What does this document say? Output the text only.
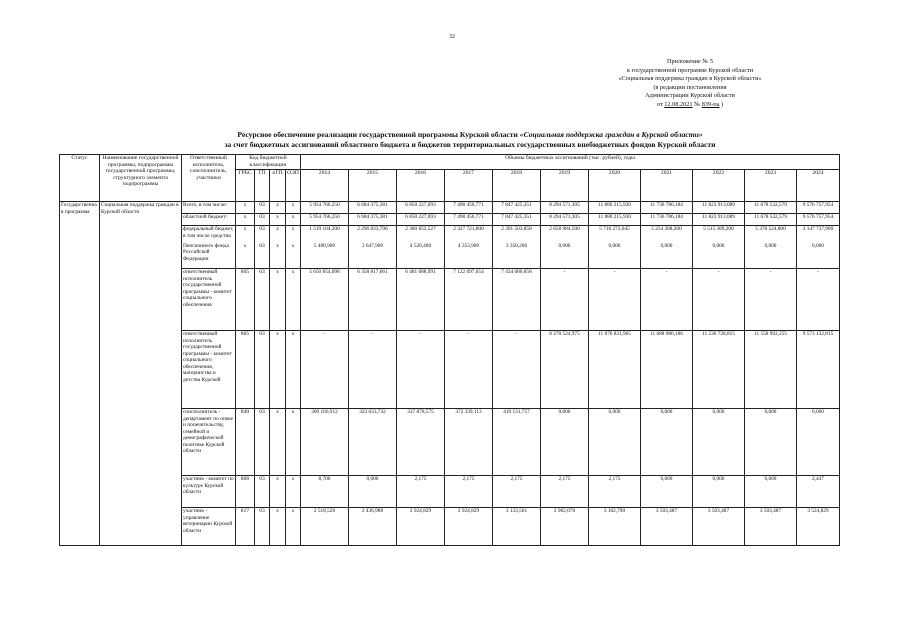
32
Приложение № 5
к государственной программе Курской области
«Социальная поддержка граждан в Курской области»
(в редакции постановления
Администрации Курской области
от 12.08.2021 № 839-па )
Ресурсное обеспечение реализации государственной программы Курской области «Социальная поддержка граждан в Курской области»
за счет бюджетных ассигнований областного бюджета и бюджетов территориальных государственных внебюджетных фондов Курской области
Статус	Наименование государственной программы, подпрограммы государственной программы, структурного элемента подпрограммы	Ответственный исполнитель, соисполнитель, участники	Код бюджетной классификации				Объемы бюджетных ассигнований (тыс. рублей), годы										
			ГРБС	ГП	пГП	ОЭП	2014	2015	2016	2017	2018	2019	2020	2021	2022	2023	2024
Государственная программа	Социальная поддержка граждан в Курской области	Всего, в том числе:	x	03	x	x	5 954 766,250	6 684 375,381	6 850 227,093	7 498 450,771	7 847 425,351	8 294 571,305	11 880 215,930	11 736 786,184	11 823 913,089	11 678 532,579	9 576 757,954
		областной бюджет/	x	03	x	x	5 954 766,250	6 684 375,381	6 850 227,093	7 498 450,771	7 847 425,351	8 294 571,305	11 880 215,930	11 736 786,184	11 823 913,089	11 678 532,579	9 576 757,954
		федеральный бюджет, в том числе средства	x	03	x	x	1 519 104,200	2 296 833,796	2 380 852,527	2 327 721,800	2 391 503,858	2 658 984,500	5 716 273,045	5 254 368,200	5 515 389,200	5 378 524,800	3 147 737,900
		Пенсионного фонда Российской Федерации	x	03	x	x	5 480,900	3 647,900	4 520,400	4 353,900	3 350,200	0,000	0,000	0,000	0,000	0,000	0,000
		ответственный исполнитель государственной программы - комитет социального обеспечения	805	03	x	x	5 650 854,098	6 358 817,661	6 481 688,991	7 122 097,654	7 434 080,858	-	-	-	-	-	-
		ответственный исполнитель государственной программы - комитет социального обеспечения, материнства и детства Курской	805	03	x	x	-	-	-	-	-	8 278 524,975	11 876 831,965	11 688 986,186	11 536 728,815	11 558 992,255	9 573 132,815
		соисполнитель - департамент по опеке и попечительству, семейной и демографической политике Курской области	840	03	x	x	300 166,912	323 033,732	337 878,575	372 339,113	410 131,757	0,000	0,000	0,000	0,000	0,000	0,000
		участник - комитет по культуре Курской области	806	03	x	x	8,700	0,000	2,175	2,175	2,175	2,175	2,175	0,000	0,000	0,000	2,447
		участник - управление ветеринарии Курской области	817	03	x	x	2 518,520	2 436,988	2 924,829	2 924,829	3 133,561	2 982,078	3 102,790	3 503,487	3 503,487	3 503,487	3 524,829
